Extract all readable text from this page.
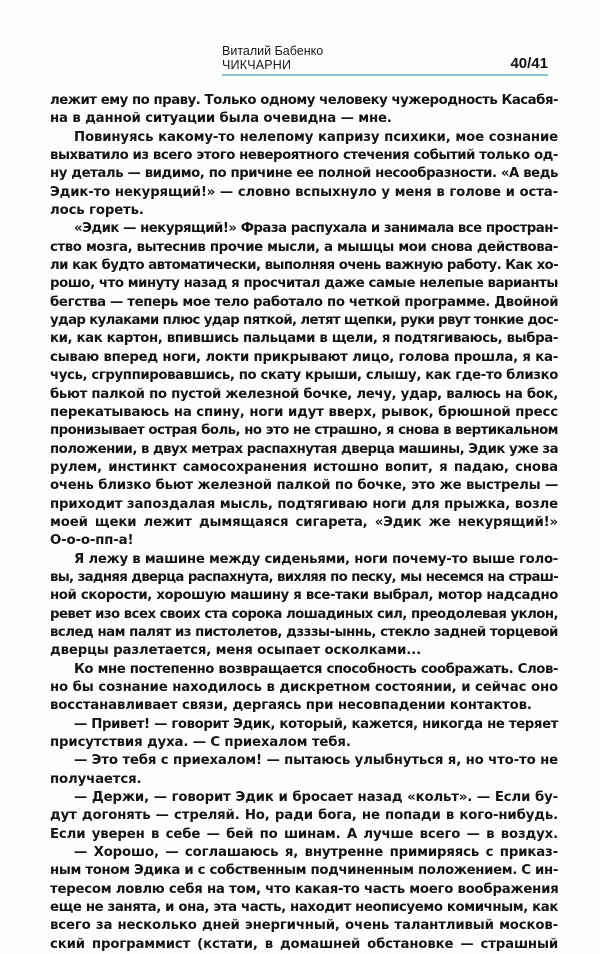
Виталий Бабенко
ЧИКЧАРНИ	40/41
лежит ему по праву. Только одному человеку чужеродность Касабя-
на в данной ситуации была очевидна — мне.
Повинуясь какому-то нелепому капризу психики, мое сознание
выхватило из всего этого невероятного стечения событий только од-
ну деталь — видимо, по причине ее полной несообразности. «А ведь
Эдик-то некурящий!» — словно вспыхнуло у меня в голове и оста-
лось гореть.
«Эдик — некурящий!» Фраза распухала и занимала все простран-
ство мозга, вытеснив прочие мысли, а мышцы мои снова действова-
ли как будто автоматически, выполняя очень важную работу. Как хо-
рошо, что минуту назад я просчитал даже самые нелепые варианты
бегства — теперь мое тело работало по четкой программе. Двойной
удар кулаками плюс удар пяткой, летят щепки, руки рвут тонкие дос-
ки, как картон, впившись пальцами в щели, я подтягиваюсь, выбра-
сываю вперед ноги, локти прикрывают лицо, голова прошла, я ка-
чусь, сгруппировавшись, по скату крыши, слышу, как где-то близко
бьют палкой по пустой железной бочке, лечу, удар, валюсь на бок,
перекатываюсь на спину, ноги идут вверх, рывок, брюшной пресс
пронизывает острая боль, но это не страшно, я снова в вертикальном
положении, в двух метрах распахнутая дверца машины, Эдик уже за
рулем, инстинкт самосохранения истошно вопит, я падаю, снова
очень близко бьют железной палкой по бочке, это же выстрелы —
приходит запоздалая мысль, подтягиваю ноги для прыжка, возле
моей щеки лежит дымящаяся сигарета, «Эдик же некурящий!»
О-о-о-пп-а!
Я лежу в машине между сиденьями, ноги почему-то выше голо-
вы, задняя дверца распахнута, вихляя по песку, мы несемся на страш-
ной скорости, хорошую машину я все-таки выбрал, мотор надсадно
ревет изо всех своих ста сорока лошадиных сил, преодолевая уклон,
вслед нам палят из пистолетов, дзззы-ыннь, стекло задней торцевой
дверцы разлетается, меня осыпает осколками...
Ко мне постепенно возвращается способность соображать. Слов-
но бы сознание находилось в дискретном состоянии, и сейчас оно
восстанавливает связи, дергаясь при несовпадении контактов.
— Привет! — говорит Эдик, который, кажется, никогда не теряет
присутствия духа. — С приехалом тебя.
— Это тебя с приехалом! — пытаюсь улыбнуться я, но что-то не
получается.
— Держи, — говорит Эдик и бросает назад «кольт». — Если бу-
дут догонять — стреляй. Но, ради бога, не попади в кого-нибудь.
Если уверен в себе — бей по шинам. А лучше всего — в воздух.
— Хорошо, — соглашаюсь я, внутренне примиряясь с приказ-
ным тоном Эдика и с собственным подчиненным положением. С ин-
тересом ловлю себя на том, что какая-то часть моего воображения
еще не занята, и она, эта часть, находит неописуемо комичным, как
всего за несколько дней энергичный, очень талантливый москов-
ский программист (кстати, в домашней обстановке — страшный
